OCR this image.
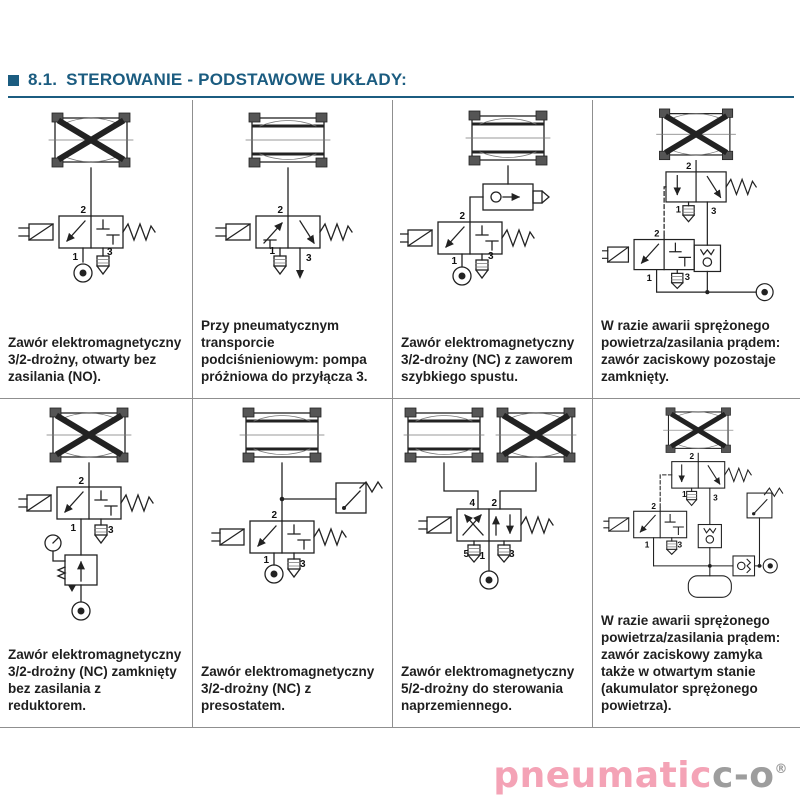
8.1. STEROWANIE - PODSTAWOWE UKŁADY:
2
1	3

Zawór elektromagnetyczny 3/2-drożny, otwarty bez zasilania (NO).

2
1
3

Przy pneumatycznym transporcie podciśnieniowym: pompa próżniowa do przyłącza 3.

2
1	3

Zawór elektromagnetyczny 3/2-drożny (NC) z zaworem szybkiego spustu.

2
1	3
2
1	3

W razie awarii sprężonego powietrza/zasilania prądem: zawór zaciskowy pozostaje zamknięty.

2
1	3

Zawór elektromagnetyczny 3/2-drożny (NC) zamknięty bez zasilania z reduktorem.

2
1	3

Zawór elektromagnetyczny 3/2-drożny (NC) z presostatem.

4 2
5 1 3

Zawór elektromagnetyczny 5/2-drożny do sterowania naprzemiennego.

2
1	3
2
1	3

W razie awarii sprężonego powietrza/zasilania prądem: zawór zaciskowy zamyka także w otwartym stanie (akumulator sprężonego powietrza).

pneumaticc-o®
